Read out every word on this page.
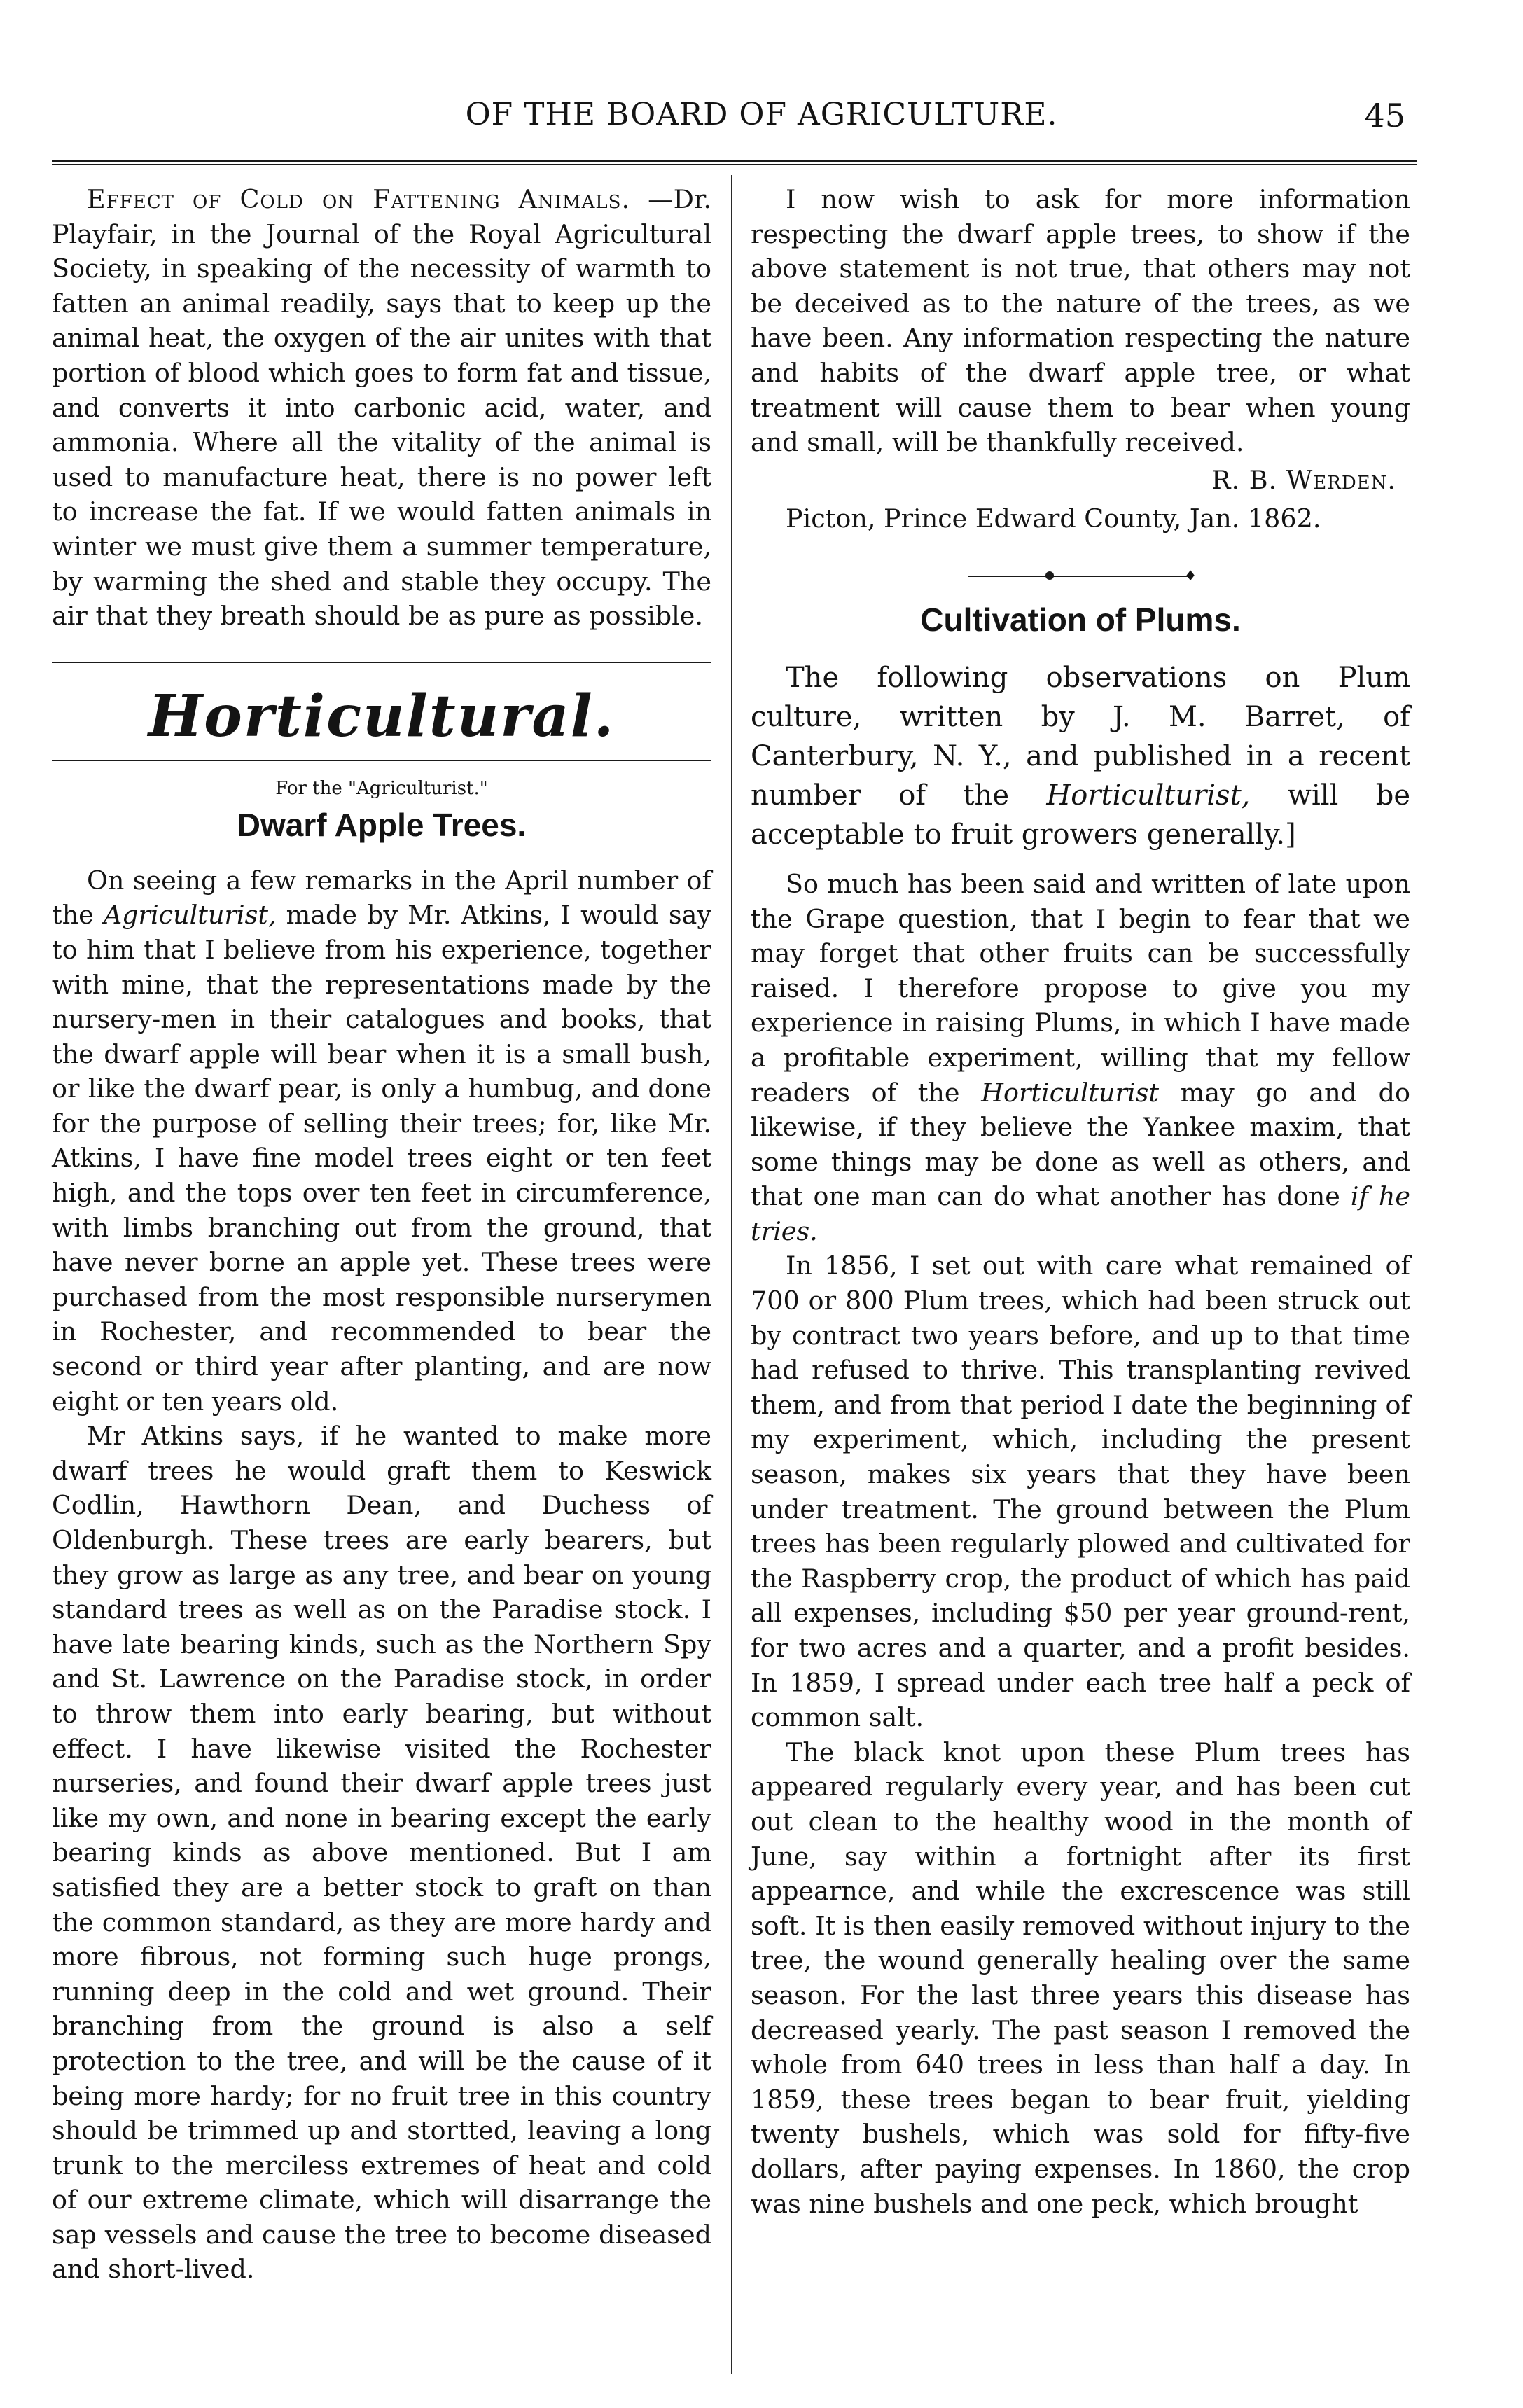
OF THE BOARD OF AGRICULTURE.	45

Effect of Cold on Fattening Animals. —Dr. Playfair, in the Journal of the Royal Agricultural Society, in speaking of the necessity of warmth to fatten an animal readily, says that to keep up the animal heat, the oxygen of the air unites with that portion of blood which goes to form fat and tissue, and converts it into carbonic acid, water, and ammonia. Where all the vitality of the animal is used to manufacture heat, there is no power left to increase the fat. If we would fatten animals in winter we must give them a summer temperature, by warming the shed and stable they occupy. The air that they breath should be as pure as possible.

Horticultural.
For the "Agriculturist."
Dwarf Apple Trees.

On seeing a few remarks in the April number of the Agriculturist, made by Mr. Atkins, I would say to him that I believe from his experience, together with mine, that the representations made by the nursery-men in their catalogues and books, that the dwarf apple will bear when it is a small bush, or like the dwarf pear, is only a humbug, and done for the purpose of selling their trees; for, like Mr. Atkins, I have fine model trees eight or ten feet high, and the tops over ten feet in circumference, with limbs branching out from the ground, that have never borne an apple yet. These trees were purchased from the most responsible nurserymen in Rochester, and recommended to bear the second or third year after planting, and are now eight or ten years old.

Mr Atkins says, if he wanted to make more dwarf trees he would graft them to Keswick Codlin, Hawthorn Dean, and Duchess of Oldenburgh. These trees are early bearers, but they grow as large as any tree, and bear on young standard trees as well as on the Paradise stock. I have late bearing kinds, such as the Northern Spy and St. Lawrence on the Paradise stock, in order to throw them into early bearing, but without effect. I have likewise visited the Rochester nurseries, and found their dwarf apple trees just like my own, and none in bearing except the early bearing kinds as above mentioned. But I am satisfied they are a better stock to graft on than the common standard, as they are more hardy and more fibrous, not forming such huge prongs, running deep in the cold and wet ground. Their branching from the ground is also a self protection to the tree, and will be the cause of it being more hardy; for no fruit tree in this country should be trimmed up and stortted, leaving a long trunk to the merciless extremes of heat and cold of our extreme climate, which will disarrange the sap vessels and cause the tree to become diseased and short-lived.

I now wish to ask for more information respecting the dwarf apple trees, to show if the above statement is not true, that others may not be deceived as to the nature of the trees, as we have been. Any information respecting the nature and habits of the dwarf apple tree, or what treatment will cause them to bear when young and small, will be thankfully received.

R. B. Werden.
Picton, Prince Edward County, Jan. 1862.
♦
Cultivation of Plums.

The following observations on Plum culture, written by J. M. Barret, of Canterbury, N. Y., and published in a recent number of the Horticulturist, will be acceptable to fruit growers generally.]

So much has been said and written of late upon the Grape question, that I begin to fear that we may forget that other fruits can be successfully raised. I therefore propose to give you my experience in raising Plums, in which I have made a profitable experiment, willing that my fellow readers of the Horticulturist may go and do likewise, if they believe the Yankee maxim, that some things may be done as well as others, and that one man can do what another has done if he tries.

In 1856, I set out with care what remained of 700 or 800 Plum trees, which had been struck out by contract two years before, and up to that time had refused to thrive. This transplanting revived them, and from that period I date the beginning of my experiment, which, including the present season, makes six years that they have been under treatment. The ground between the Plum trees has been regularly plowed and cultivated for the Raspberry crop, the product of which has paid all expenses, including $50 per year ground-rent, for two acres and a quarter, and a profit besides. In 1859, I spread under each tree half a peck of common salt.

The black knot upon these Plum trees has appeared regularly every year, and has been cut out clean to the healthy wood in the month of June, say within a fortnight after its first appearnce, and while the excrescence was still soft. It is then easily removed without injury to the tree, the wound generally healing over the same season. For the last three years this disease has decreased yearly. The past season I removed the whole from 640 trees in less than half a day. In 1859, these trees began to bear fruit, yielding twenty bushels, which was sold for fifty-five dollars, after paying expenses. In 1860, the crop was nine bushels and one peck, which brought
